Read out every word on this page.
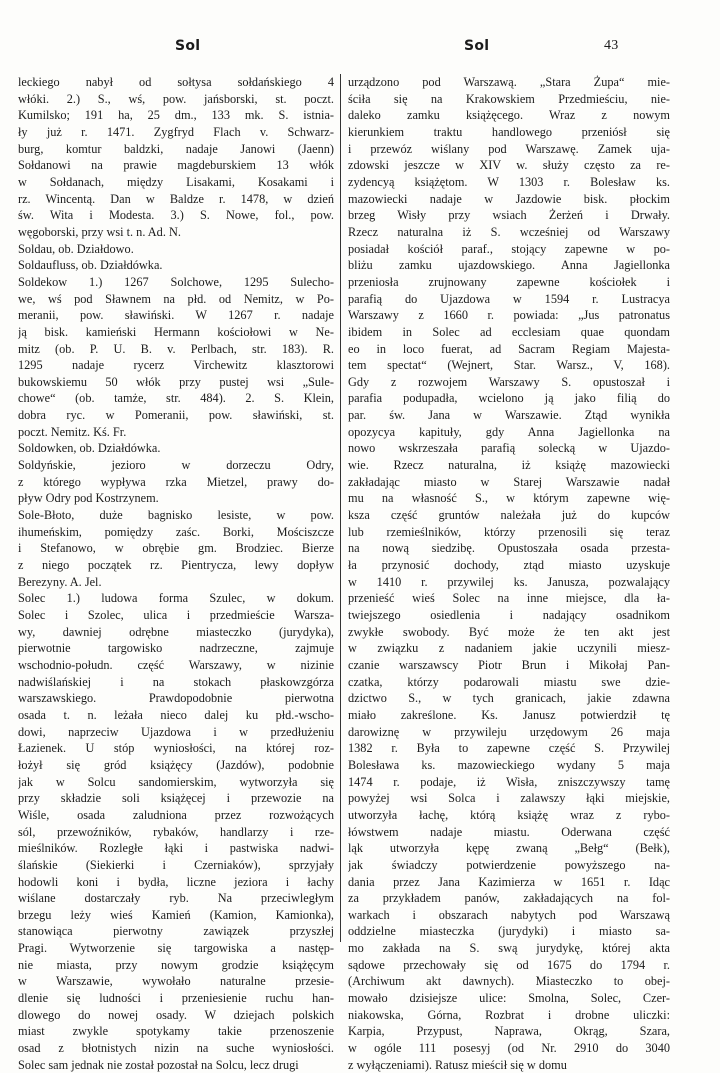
Sol	Sol	43
leckiego nabył od sołtysa sołdańskiego 4
włóki. 2.) S., wś, pow. jańsborski, st. poczt.
Kumilsko; 191 ha, 25 dm., 133 mk. S. istnia-
ły już r. 1471. Zygfryd Flach v. Schwarz-
burg, komtur baldzki, nadaje Janowi (Jaenn)
Sołdanowi na prawie magdeburskiem 13 włók
w Sołdanach, między Lisakami, Kosakami i
rz. Wincentą. Dan w Baldze r. 1478, w dzień
św. Wita i Modesta. 3.) S. Nowe, fol., pow.
węgoborski, przy wsi t. n. Ad. N.
Soldau, ob. Działdowo.
Soldaufluss, ob. Działdówka.
Soldekow 1.) 1267 Solchowe, 1295 Sulecho-
we, wś pod Sławnem na płd. od Nemitz, w Po-
meranii, pow. sławiński. W 1267 r. nadaje
ją bisk. kamieński Hermann kościołowi w Ne-
mitz (ob. P. U. B. v. Perlbach, str. 183). R.
1295 nadaje rycerz Virchewitz klasztorowi
bukowskiemu 50 włók przy pustej wsi „Sule-
chowe“ (ob. tamże, str. 484). 2. S. Klein,
dobra ryc. w Pomeranii, pow. sławiński, st.
poczt. Nemitz. Kś. Fr.
Soldowken, ob. Działdówka.
Soldyńskie, jezioro w dorzeczu Odry,
z którego wypływa rzka Mietzel, prawy do-
pływ Odry pod Kostrzynem.
Sole-Błoto, duże bagnisko lesiste, w pow.
ihumeńskim, pomiędzy zaśc. Borki, Mościszcze
i Stefanowo, w obrębie gm. Brodziec. Bierze
z niego początek rz. Pientrycza, lewy dopływ
Berezyny. A. Jel.
Solec 1.) ludowa forma Szulec, w dokum.
Solec i Szolec, ulica i przedmieście Warsza-
wy, dawniej odrębne miasteczko (jurydyka),
pierwotnie targowisko nadrzeczne, zajmuje
wschodnio-połudn. część Warszawy, w nizinie
nadwiślańskiej i na stokach płaskowzgórza
warszawskiego. Prawdopodobnie pierwotna
osada t. n. leżała nieco dalej ku płd.-wscho-
dowi, naprzeciw Ujazdowa i w przedłużeniu
Łazienek. U stóp wyniosłości, na której roz-
łożył się gród książęcy (Jazdów), podobnie
jak w Solcu sandomierskim, wytworzyła się
przy składzie soli książęcej i przewozie na
Wiśle, osada zaludniona przez rozwożących
sól, przewoźników, rybaków, handlarzy i rze-
mieślników. Rozległe łąki i pastwiska nadwi-
ślańskie (Siekierki i Czerniaków), sprzyjały
hodowli koni i bydła, liczne jeziora i łachy
wiślane dostarczały ryb. Na przeciwległym
brzegu leży wieś Kamień (Kamion, Kamionka),
stanowiąca pierwotny zawiązek przyszłej
Pragi. Wytworzenie się targowiska a następ-
nie miasta, przy nowym grodzie książęcym
w Warszawie, wywołało naturalne przesie-
dlenie się ludności i przeniesienie ruchu han-
dlowego do nowej osady. W dziejach polskich
miast zwykle spotykamy takie przenoszenie
osad z błotnistych nizin na suche wyniosłości.
Solec sam jednak nie został pozostał na Solcu, lecz drugi
urządzono pod Warszawą. „Stara Żupa“ mie-
ściła się na Krakowskiem Przedmieściu, nie-
daleko zamku książęcego. Wraz z nowym
kierunkiem traktu handlowego przeniósł się
i przewóz wiślany pod Warszawę. Zamek uja-
zdowski jeszcze w XIV w. służy często za re-
zydencyą książętom. W 1303 r. Bolesław ks.
mazowiecki nadaje w Jazdowie bisk. płockim
brzeg Wisły przy wsiach Żerżeń i Drwały.
Rzecz naturalna iż S. wcześniej od Warszawy
posiadał kościół paraf., stojący zapewne w po-
bliżu zamku ujazdowskiego. Anna Jagiellonka
przeniosła zrujnowany zapewne kościołek i
parafią do Ujazdowa w 1594 r. Lustracya
Warszawy z 1660 r. powiada: „Jus patronatus
ibidem in Solec ad ecclesiam quae quondam
eo in loco fuerat, ad Sacram Regiam Majesta-
tem spectat“ (Wejnert, Star. Warsz., V, 168).
Gdy z rozwojem Warszawy S. opustoszał i
parafia podupadła, wcielono ją jako filią do
par. św. Jana w Warszawie. Ztąd wynikła
opozycya kapituły, gdy Anna Jagiellonka na
nowo wskrzeszała parafią solecką w Ujazdo-
wie. Rzecz naturalna, iż książę mazowiecki
zakładając miasto w Starej Warszawie nadał
mu na własność S., w którym zapewne wię-
ksza część gruntów należała już do kupców
lub rzemieślników, którzy przenosili się teraz
na nową siedzibę. Opustoszała osada przesta-
ła przynosić dochody, ztąd miasto uzyskuje
w 1410 r. przywilej ks. Janusza, pozwalający
przenieść wieś Solec na inne miejsce, dla ła-
twiejszego osiedlenia i nadający osadnikom
zwykłe swobody. Być może że ten akt jest
w związku z nadaniem jakie uczynili miesz-
czanie warszawscy Piotr Brun i Mikołaj Pan-
czatka, którzy podarowali miastu swe dzie-
dzictwo S., w tych granicach, jakie zdawna
miało zakreślone. Ks. Janusz potwierdził tę
darowiznę w przywileju urzędowym 26 maja
1382 r. Była to zapewne część S. Przywilej
Bolesława ks. mazowieckiego wydany 5 maja
1474 r. podaje, iż Wisła, zniszczywszy tamę
powyżej wsi Solca i zalawszy łąki miejskie,
utworzyła łachę, którą książę wraz z rybo-
łówstwem nadaje miastu. Oderwana część
ląk utworzyła kępę zwaną „Bełg“ (Bełk),
jak świadczy potwierdzenie powyższego na-
dania przez Jana Kazimierza w 1651 r. Idąc
za przykładem panów, zakładających na fol-
warkach i obszarach nabytych pod Warszawą
oddzielne miasteczka (jurydyki) i miasto sa-
mo zakłada na S. swą jurydykę, której akta
sądowe przechowały się od 1675 do 1794 r.
(Archiwum akt dawnych). Miasteczko to obej-
mowało dzisiejsze ulice: Smolna, Solec, Czer-
niakowska, Górna, Rozbrat i drobne uliczki:
Karpia, Przypust, Naprawa, Okrąg, Szara,
w ogóle 111 posesyj (od Nr. 2910 do 3040
z wyłączeniami). Ratusz mieścił się w domu
